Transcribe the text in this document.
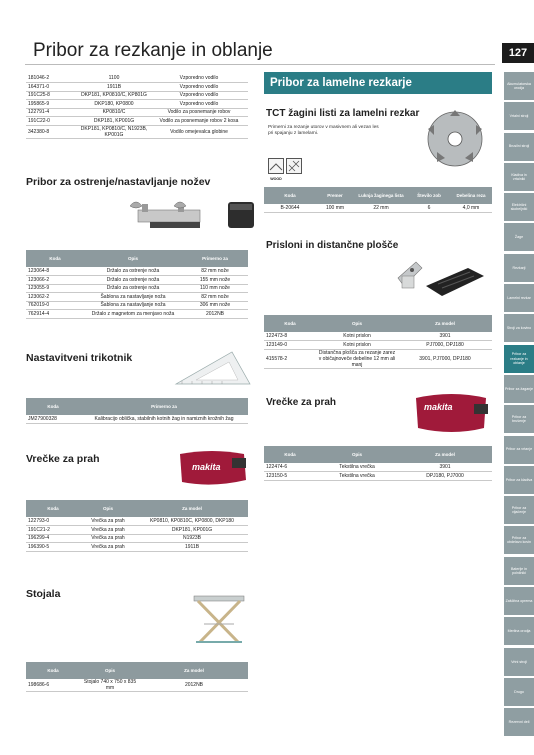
Pribor za rezkanje in oblanje	127
Akumulatorska orodja
Vrtalni stroji
Brusilni stroji
Kladiva in vrtalniki
Električni skobeljniki
Žage
Rezkarji
Lamelni rezkar
Stroji za kovino
Pribor za rezkanje in oblanje
Pribor za žaganje
Pribor za brušenje
Pribor za vrtanje
Pribor za kladiva
Pribor za vijačenje
Pribor za obdelavo kovin
Baterije in polnilniki
Zaščitna oprema
Merilna orodja
Vrtni stroji
Drugo
Rezervni deli
181046-2	1100	Vzporedno vodilo
164371-0	1911B	Vzporedno vodilo
191C25-8	DKP181, KP0810/C, KP801G	Vzporedno vodilo
195865-9	DKP180, KP0800	Vzporedno vodilo
122791-4	KP0810/C	Vodilo za posnemanje robov
191C22-0	DKP181, KP001G	Vodilo za posnemanje robov 2 kosa
342380-8	DKP181, KP0810/C, N1923B, KP001G	Vodilo omejevalca globine
Pribor za ostrenje/nastavljanje nožev
Koda	Opis	Primerno za
123064-8	Držalo za ostrenje noža	82 mm nože
123066-2	Držalo za ostrenje noža	155 mm nože
123055-9	Držalo za ostrenje noža	110 mm nože
123062-2	Šablona za nastavljanje noža	82 mm nože
762019-0	Šablona za nastavljanje noža	306 mm nože
762914-4	Držalo z magnetom za menjavo noža	2012NB
Nastavitveni trikotnik
Koda	Primerno za
JM27900328	Kalibracijo oblička, stabilnih kotnih žag in namiznih krožnih žag
Vrečke za prah
makita
Koda	Opis	Za model
122793-0	Vrečka za prah	KP0810, KP0810C, KP0800, DKP180
191C21-2	Vrečka za prah	DKP181, KP001G
196299-4	Vrečka za prah	N1923B
196390-5	Vrečka za prah	1911B
Stojala
Koda	Opis	Za model
198686-6	Stojalo 740 x 750 x 835 mm	2012NB
Pribor za lamelne rezkarje
TCT žagini listi za lamelni rezkar
Primerni za rezanje utorov v masivnem ali vezan les pri spajanju z lamelami.
WOOD
Koda	Premer	Luknja žaginega lista	Število zob	Debelina reza
B-20644	100 mm	22 mm	6	4,0 mm
Prisloni in distančne plošče
Koda	Opis	Za model
122473-8	Kotni prislon	3901
123149-0	Kotni prislon	PJ7000, DPJ180
415578-2	Distančna plošča za rezanje zarez v običajnoveče debeline 12 mm ali manj	3901, PJ7000, DPJ180
Vrečke za prah	makita
Koda	Opis	Za model
122474-6	Tekstilna vrečka	3901
123150-5	Tekstilna vrečka	DPJ180, PJ7000
